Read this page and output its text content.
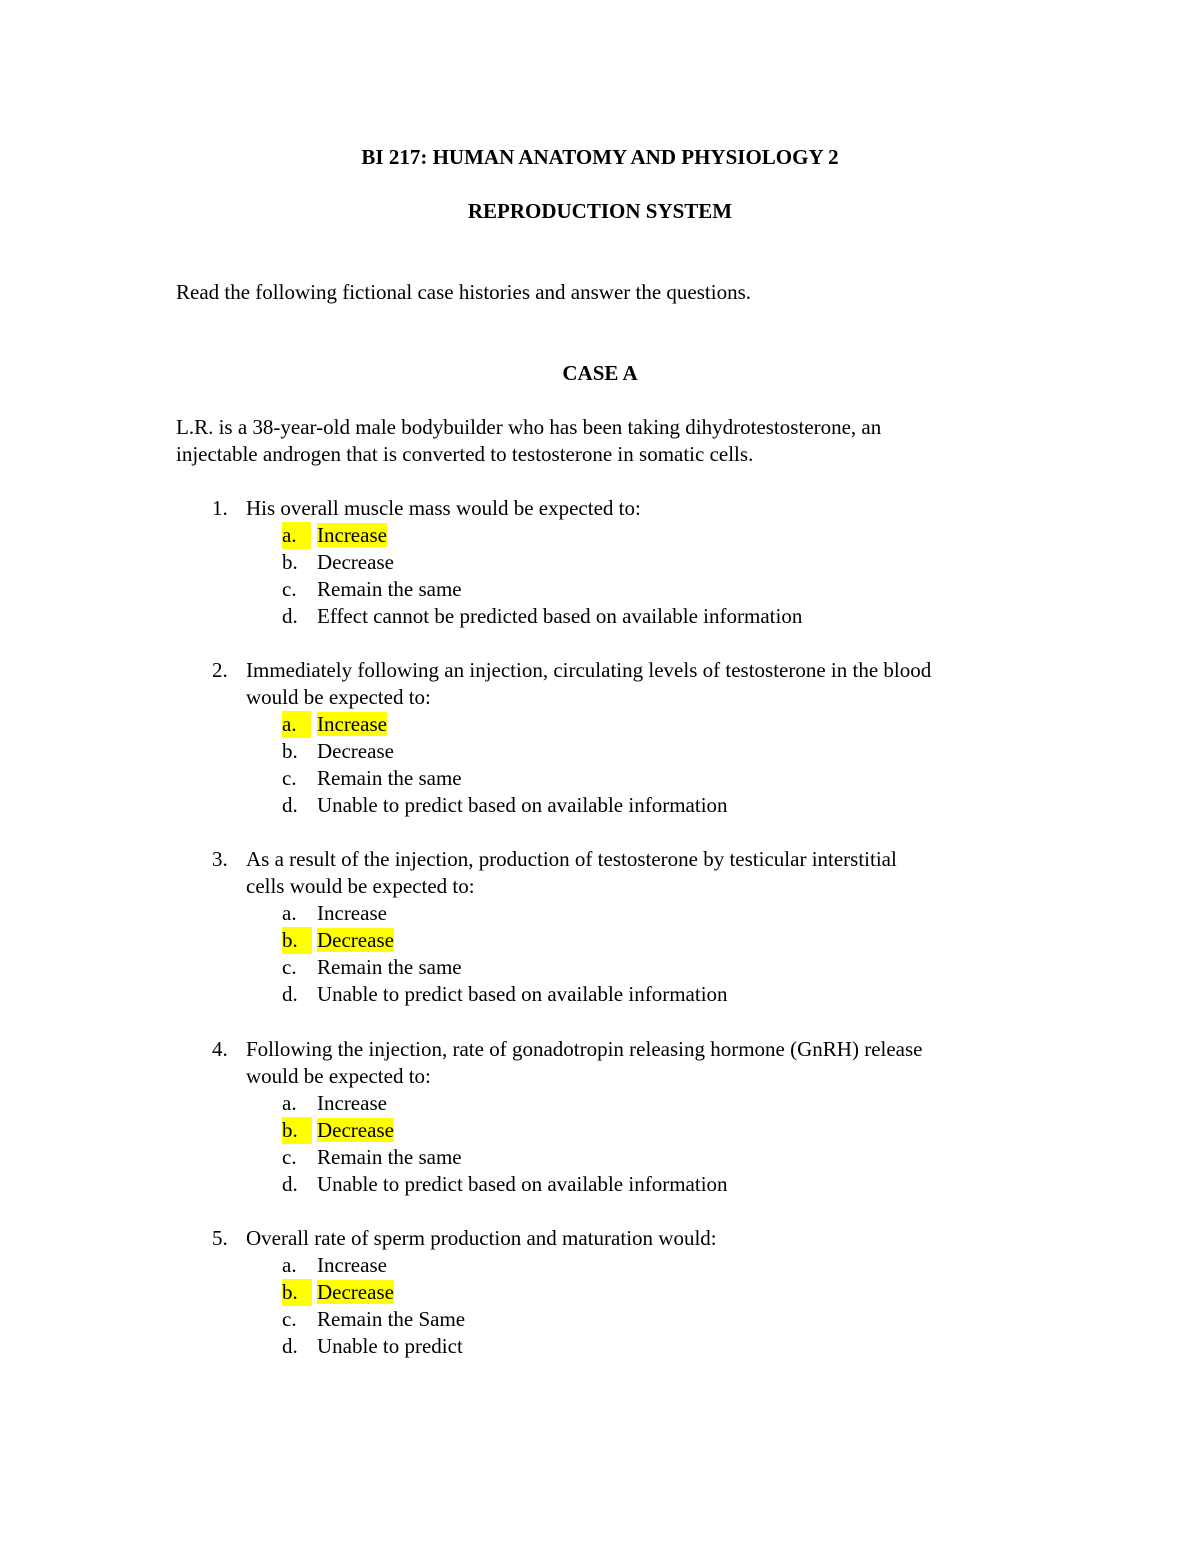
BI 217: HUMAN ANATOMY AND PHYSIOLOGY 2
REPRODUCTION SYSTEM
Read the following fictional case histories and answer the questions.
CASE A

L.R. is a 38-year-old male bodybuilder who has been taking dihydrotestosterone, an

injectable androgen that is converted to testosterone in somatic cells.

1. His overall muscle mass would be expected to:
a. Increase
b. Decrease
c. Remain the same
d. Effect cannot be predicted based on available information
2. Immediately following an injection, circulating levels of testosterone in the blood
would be expected to:
a. Increase
b. Decrease
c. Remain the same
d. Unable to predict based on available information
3. As a result of the injection, production of testosterone by testicular interstitial
cells would be expected to:
a. Increase
b. Decrease
c. Remain the same
d. Unable to predict based on available information
4. Following the injection, rate of gonadotropin releasing hormone (GnRH) release
would be expected to:
a. Increase
b. Decrease
c. Remain the same
d. Unable to predict based on available information
5. Overall rate of sperm production and maturation would:
a. Increase
b. Decrease
c. Remain the Same
d. Unable to predict
